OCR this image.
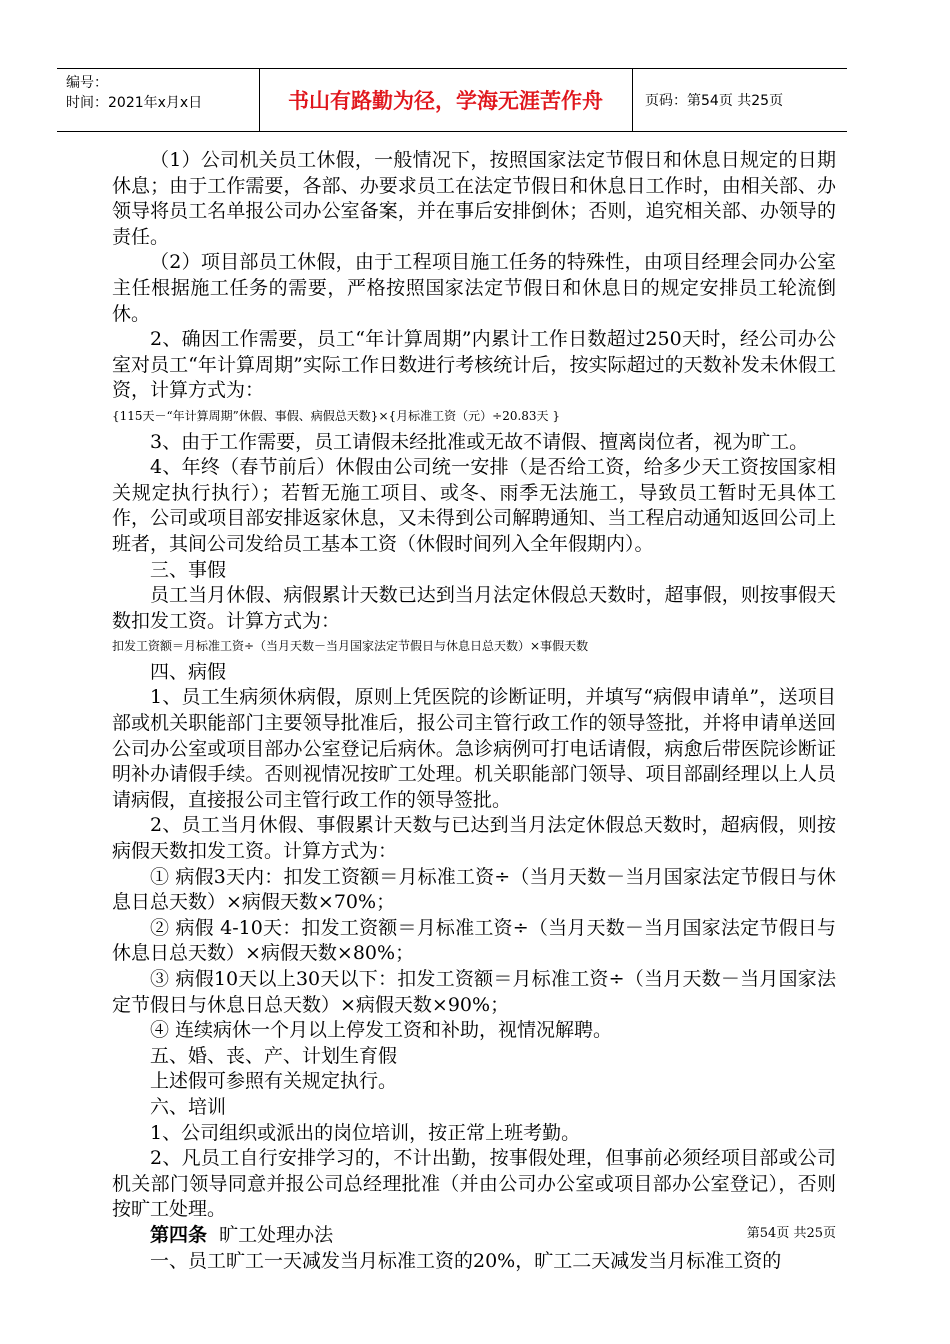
编号：
时间：2021年x月x日	书山有路勤为径，学海无涯苦作舟	页码：第54页 共25页

（1）公司机关员工休假，一般情况下，按照国家法定节假日和休息日规定的日期休息；由于工作需要，各部、办要求员工在法定节假日和休息日工作时，由相关部、办领导将员工名单报公司办公室备案，并在事后安排倒休；否则，追究相关部、办领导的责任。

（2）项目部员工休假，由于工程项目施工任务的特殊性，由项目经理会同办公室主任根据施工任务的需要，严格按照国家法定节假日和休息日的规定安排员工轮流倒休。

2、确因工作需要，员工“年计算周期”内累计工作日数超过250天时，经公司办公室对员工“年计算周期”实际工作日数进行考核统计后，按实际超过的天数补发未休假工资，计算方式为：

{115天－“年计算周期”休假、事假、病假总天数}×{月标准工资（元）÷20.83天 }

3、由于工作需要，员工请假未经批准或无故不请假、擅离岗位者，视为旷工。

4、年终（春节前后）休假由公司统一安排（是否给工资，给多少天工资按国家相关规定执行执行）；若暂无施工项目、或冬、雨季无法施工，导致员工暂时无具体工作，公司或项目部安排返家休息，又未得到公司解聘通知、当工程启动通知返回公司上班者，其间公司发给员工基本工资（休假时间列入全年假期内）。

三、事假

员工当月休假、病假累计天数已达到当月法定休假总天数时，超事假，则按事假天数扣发工资。计算方式为：

扣发工资额＝月标准工资÷（当月天数－当月国家法定节假日与休息日总天数）×事假天数

四、病假

1、员工生病须休病假，原则上凭医院的诊断证明，并填写“病假申请单”，送项目部或机关职能部门主要领导批准后，报公司主管行政工作的领导签批，并将申请单送回公司办公室或项目部办公室登记后病休。急诊病例可打电话请假，病愈后带医院诊断证明补办请假手续。否则视情况按旷工处理。机关职能部门领导、项目部副经理以上人员请病假，直接报公司主管行政工作的领导签批。

2、员工当月休假、事假累计天数与已达到当月法定休假总天数时，超病假，则按病假天数扣发工资。计算方式为：

① 病假3天内：扣发工资额＝月标准工资÷（当月天数－当月国家法定节假日与休息日总天数）×病假天数×70%；

② 病假 4-10天：扣发工资额＝月标准工资÷（当月天数－当月国家法定节假日与休息日总天数）×病假天数×80%；

③ 病假10天以上30天以下：扣发工资额＝月标准工资÷（当月天数－当月国家法定节假日与休息日总天数）×病假天数×90%；

④ 连续病休一个月以上停发工资和补助，视情况解聘。

五、婚、丧、产、计划生育假

上述假可参照有关规定执行。

六、培训

1、公司组织或派出的岗位培训，按正常上班考勤。

2、凡员工自行安排学习的，不计出勤，按事假处理，但事前必须经项目部或公司机关部门领导同意并报公司总经理批准（并由公司办公室或项目部办公室登记），否则按旷工处理。

第四条 旷工处理办法

一、员工旷工一天减发当月标准工资的20%，旷工二天减发当月标准工资的

第54页 共25页
